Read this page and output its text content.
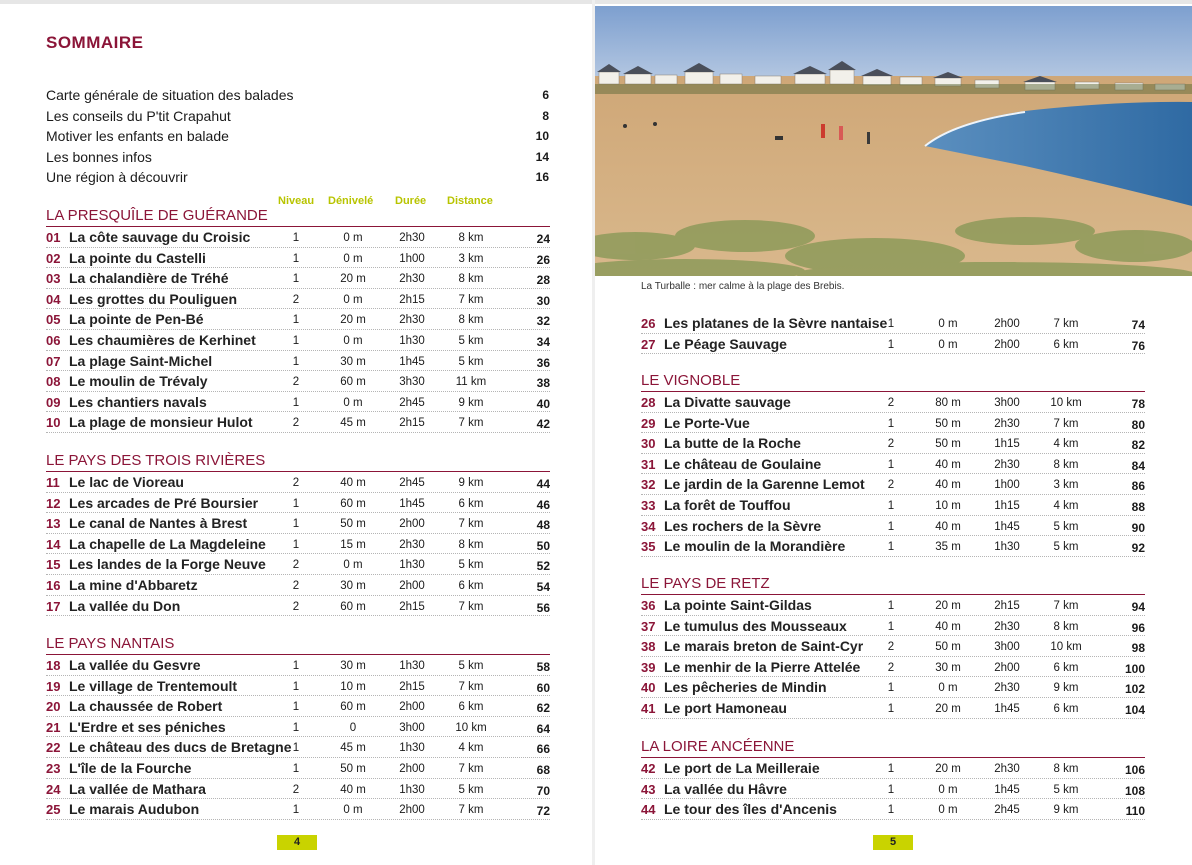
SOMMAIRE
Carte générale de situation des balades	6
Les conseils du P'tit Crapahut	8
Motiver les enfants en balade	10
Les bonnes infos	14
Une région à découvrir	16
Niveau Dénivelé Durée Distance
LA PRESQUÎLE DE GUÉRANDE
01 La côte sauvage du Croisic	1	0 m	2h30	8 km	24
02 La pointe du Castelli	1	0 m	1h00	3 km	26
03 La chalandière de Tréhé	1	20 m	2h30	8 km	28
04 Les grottes du Pouliguen	2	0 m	2h15	7 km	30
05 La pointe de Pen-Bé	1	20 m	2h30	8 km	32
06 Les chaumières de Kerhinet	1	0 m	1h30	5 km	34
07 La plage Saint-Michel	1	30 m	1h45	5 km	36
08 Le moulin de Trévaly	2	60 m	3h30	11 km	38
09 Les chantiers navals	1	0 m	2h45	9 km	40
10 La plage de monsieur Hulot	2	45 m	2h15	7 km	42
LE PAYS DES TROIS RIVIÈRES
11 Le lac de Vioreau	2	40 m	2h45	9 km	44
12 Les arcades de Pré Boursier	1	60 m	1h45	6 km	46
13 Le canal de Nantes à Brest	1	50 m	2h00	7 km	48
14 La chapelle de La Magdeleine	1	15 m	2h30	8 km	50
15 Les landes de la Forge Neuve	2	0 m	1h30	5 km	52
16 La mine d'Abbaretz	2	30 m	2h00	6 km	54
17 La vallée du Don	2	60 m	2h15	7 km	56
LE PAYS NANTAIS
18 La vallée du Gesvre	1	30 m	1h30	5 km	58
19 Le village de Trentemoult	1	10 m	2h15	7 km	60
20 La chaussée de Robert	1	60 m	2h00	6 km	62
21 L'Erdre et ses péniches	1	0	3h00	10 km	64
22 Le château des ducs de Bretagne 1	45 m	1h30	4 km	66
23 L'île de la Fourche	1	50 m	2h00	7 km	68
24 La vallée de Mathara	2	40 m	1h30	5 km	70
25 Le marais Audubon	1	0 m	2h00	7 km	72
4
La Turballe : mer calme à la plage des Brebis.
26 Les platanes de la Sèvre nantaise 1	0 m	2h00	7 km	74
27 Le Péage Sauvage	1	0 m	2h00	6 km	76
LE VIGNOBLE
28 La Divatte sauvage	2	80 m	3h00	10 km	78
29 Le Porte-Vue	1	50 m	2h30	7 km	80
30 La butte de la Roche	2	50 m	1h15	4 km	82
31 Le château de Goulaine	1	40 m	2h30	8 km	84
32 Le jardin de la Garenne Lemot	2	40 m	1h00	3 km	86
33 La forêt de Touffou	1	10 m	1h15	4 km	88
34 Les rochers de la Sèvre	1	40 m	1h45	5 km	90
35 Le moulin de la Morandière	1	35 m	1h30	5 km	92
LE PAYS DE RETZ
36 La pointe Saint-Gildas	1	20 m	2h15	7 km	94
37 Le tumulus des Mousseaux	1	40 m	2h30	8 km	96
38 Le marais breton de Saint-Cyr	2	50 m	3h00	10 km	98
39 Le menhir de la Pierre Attelée	2	30 m	2h00	6 km	100
40 Les pêcheries de Mindin	1	0 m	2h30	9 km	102
41 Le port Hamoneau	1	20 m	1h45	6 km	104
LA LOIRE ANCÉENNE
42 Le port de La Meilleraie	1	20 m	2h30	8 km	106
43 La vallée du Hâvre	1	0 m	1h45	5 km	108
44 Le tour des îles d'Ancenis	1	0 m	2h45	9 km	110
5
